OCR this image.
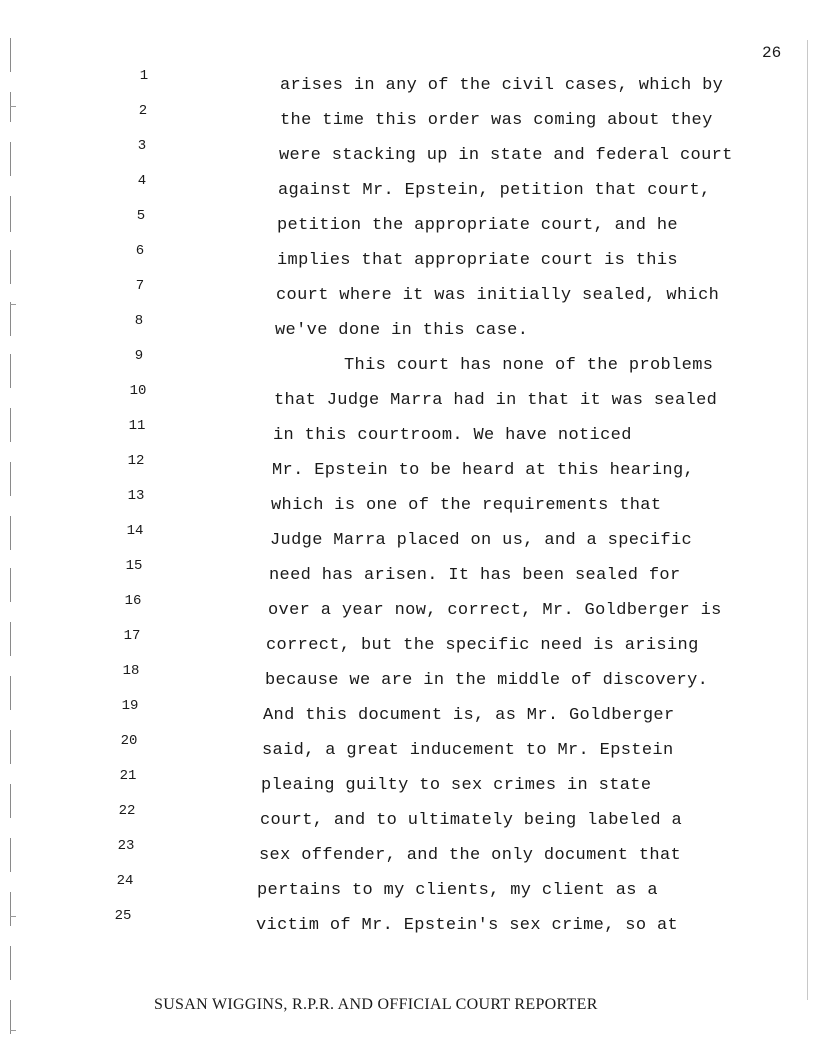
26
1	arises in any of the civil cases, which by
2	the time this order was coming about they
3	were stacking up in state and federal court
4	against Mr. Epstein, petition that court,
5	petition the appropriate court, and he
6	implies that appropriate court is this
7	court where it was initially sealed, which
8	we've done in this case.
9	This court has none of the problems
10	that Judge Marra had in that it was sealed
11	in this courtroom. We have noticed
12	Mr. Epstein to be heard at this hearing,
13	which is one of the requirements that
14	Judge Marra placed on us, and a specific
15	need has arisen. It has been sealed for
16	over a year now, correct, Mr. Goldberger is
17	correct, but the specific need is arising
18	because we are in the middle of discovery.
19	And this document is, as Mr. Goldberger
20	said, a great inducement to Mr. Epstein
21	pleaing guilty to sex crimes in state
22	court, and to ultimately being labeled a
23	sex offender, and the only document that
24	pertains to my clients, my client as a
25	victim of Mr. Epstein's sex crime, so at
SUSAN WIGGINS, R.P.R. AND OFFICIAL COURT REPORTER
